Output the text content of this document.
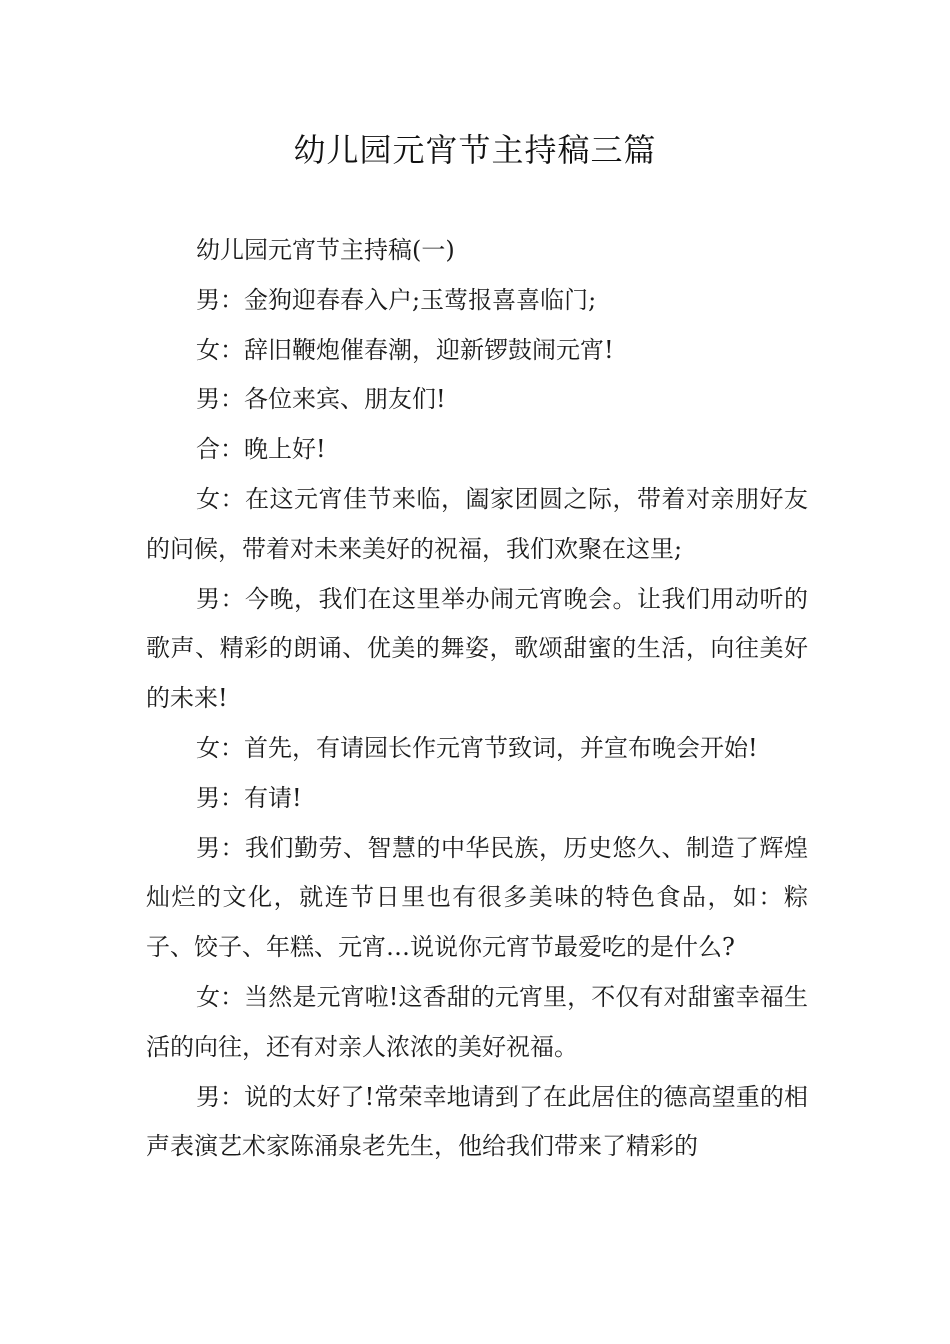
幼儿园元宵节主持稿三篇

幼儿园元宵节主持稿(一)

男：金狗迎春春入户;玉莺报喜喜临门;

女：辞旧鞭炮催春潮，迎新锣鼓闹元宵!

男：各位来宾、朋友们!

合：晚上好!

女：在这元宵佳节来临，阖家团圆之际，带着对亲朋好友的问候，带着对未来美好的祝福，我们欢聚在这里;

男：今晚，我们在这里举办闹元宵晚会。让我们用动听的歌声、精彩的朗诵、优美的舞姿，歌颂甜蜜的生活，向往美好的未来!

女：首先，有请园长作元宵节致词，并宣布晚会开始!

男：有请!

男：我们勤劳、智慧的中华民族，历史悠久、制造了辉煌灿烂的文化，就连节日里也有很多美味的特色食品，如：粽子、饺子、年糕、元宵…说说你元宵节最爱吃的是什么?

女：当然是元宵啦!这香甜的元宵里，不仅有对甜蜜幸福生活的向往，还有对亲人浓浓的美好祝福。

男：说的太好了!常荣幸地请到了在此居住的德高望重的相声表演艺术家陈涌泉老先生，他给我们带来了精彩的
